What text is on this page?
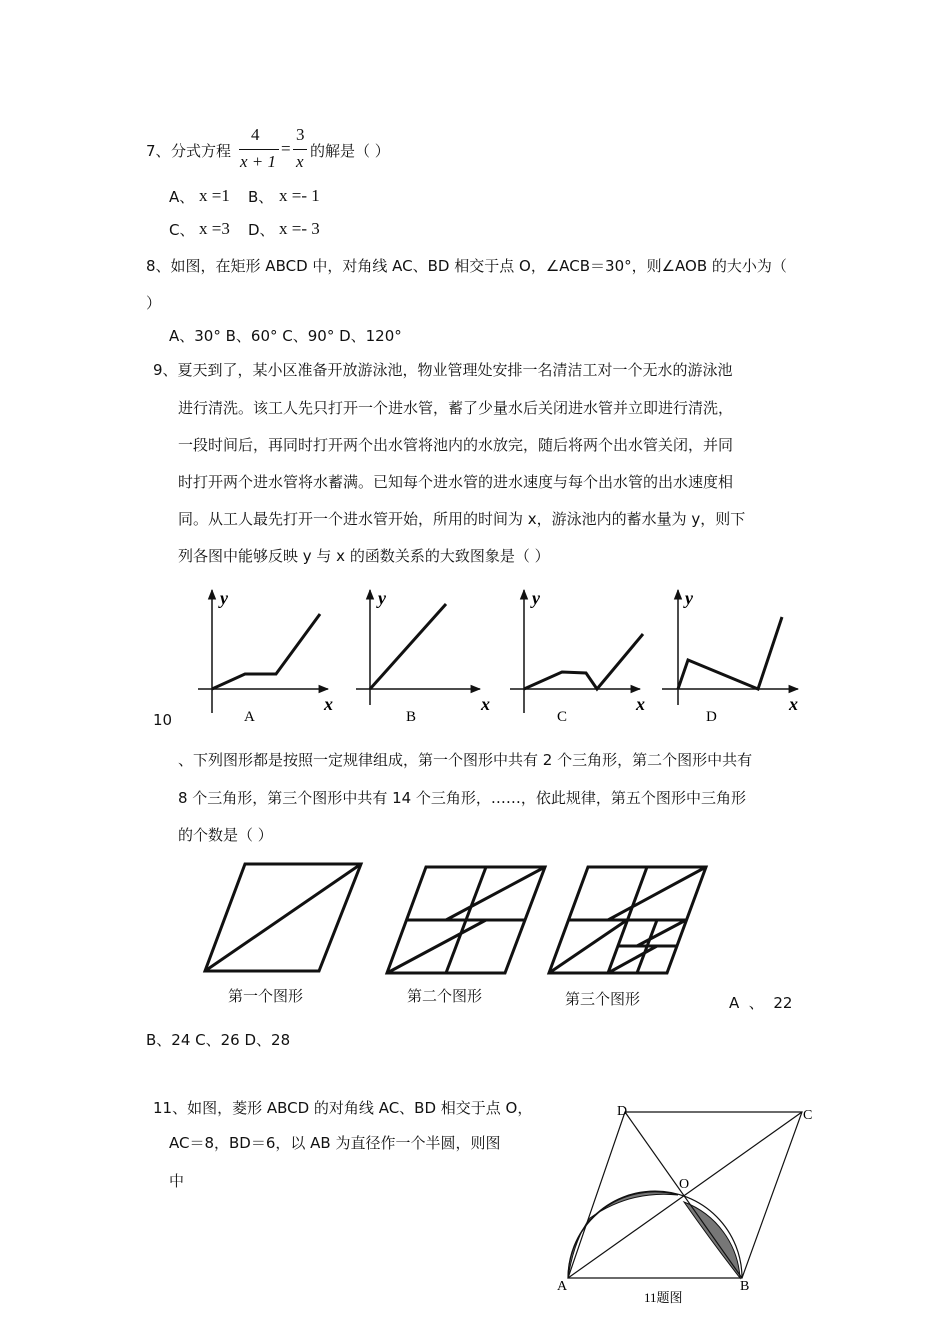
7、 分式方程
4
x + 1
=
3
x
的解是（ ）
A、 x =1 B、 x =- 1
C、 x =3 D、 x =- 3
8、如图，在矩形 ABCD 中，对角线 AC、BD 相交于点 O，∠ACB＝30°，则∠AOB 的大小为（
）
A、30° B、60° C、90° D、120°
9、夏天到了，某小区准备开放游泳池，物业管理处安排一名清洁工对一个无水的游泳池
进行清洗。该工人先只打开一个进水管，蓄了少量水后关闭进水管并立即进行清洗，
一段时间后，再同时打开两个出水管将池内的水放完，随后将两个出水管关闭，并同
时打开两个进水管将水蓄满。已知每个进水管的进水速度与每个出水管的出水速度相
同。从工人最先打开一个进水管开始，所用的时间为 x，游泳池内的蓄水量为 y，则下
列各图中能够反映 y 与 x 的函数关系的大致图象是（ ）
y
x
A
y
x
B
y
x
C
y
x
D
10
、下列图形都是按照一定规律组成，第一个图形中共有 2 个三角形，第二个图形中共有
8 个三角形，第三个图形中共有 14 个三角形，……，依此规律，第五个图形中三角形
的个数是（ ）
第一个图形	第二个图形	第三个图形	A  、  22
B、24 C、26 D、28
11、如图，菱形 ABCD 的对角线 AC、BD 相交于点 O，
AC＝8，BD＝6，以 AB 为直径作一个半圆，则图
中
A	B
C
D
O
11题图
